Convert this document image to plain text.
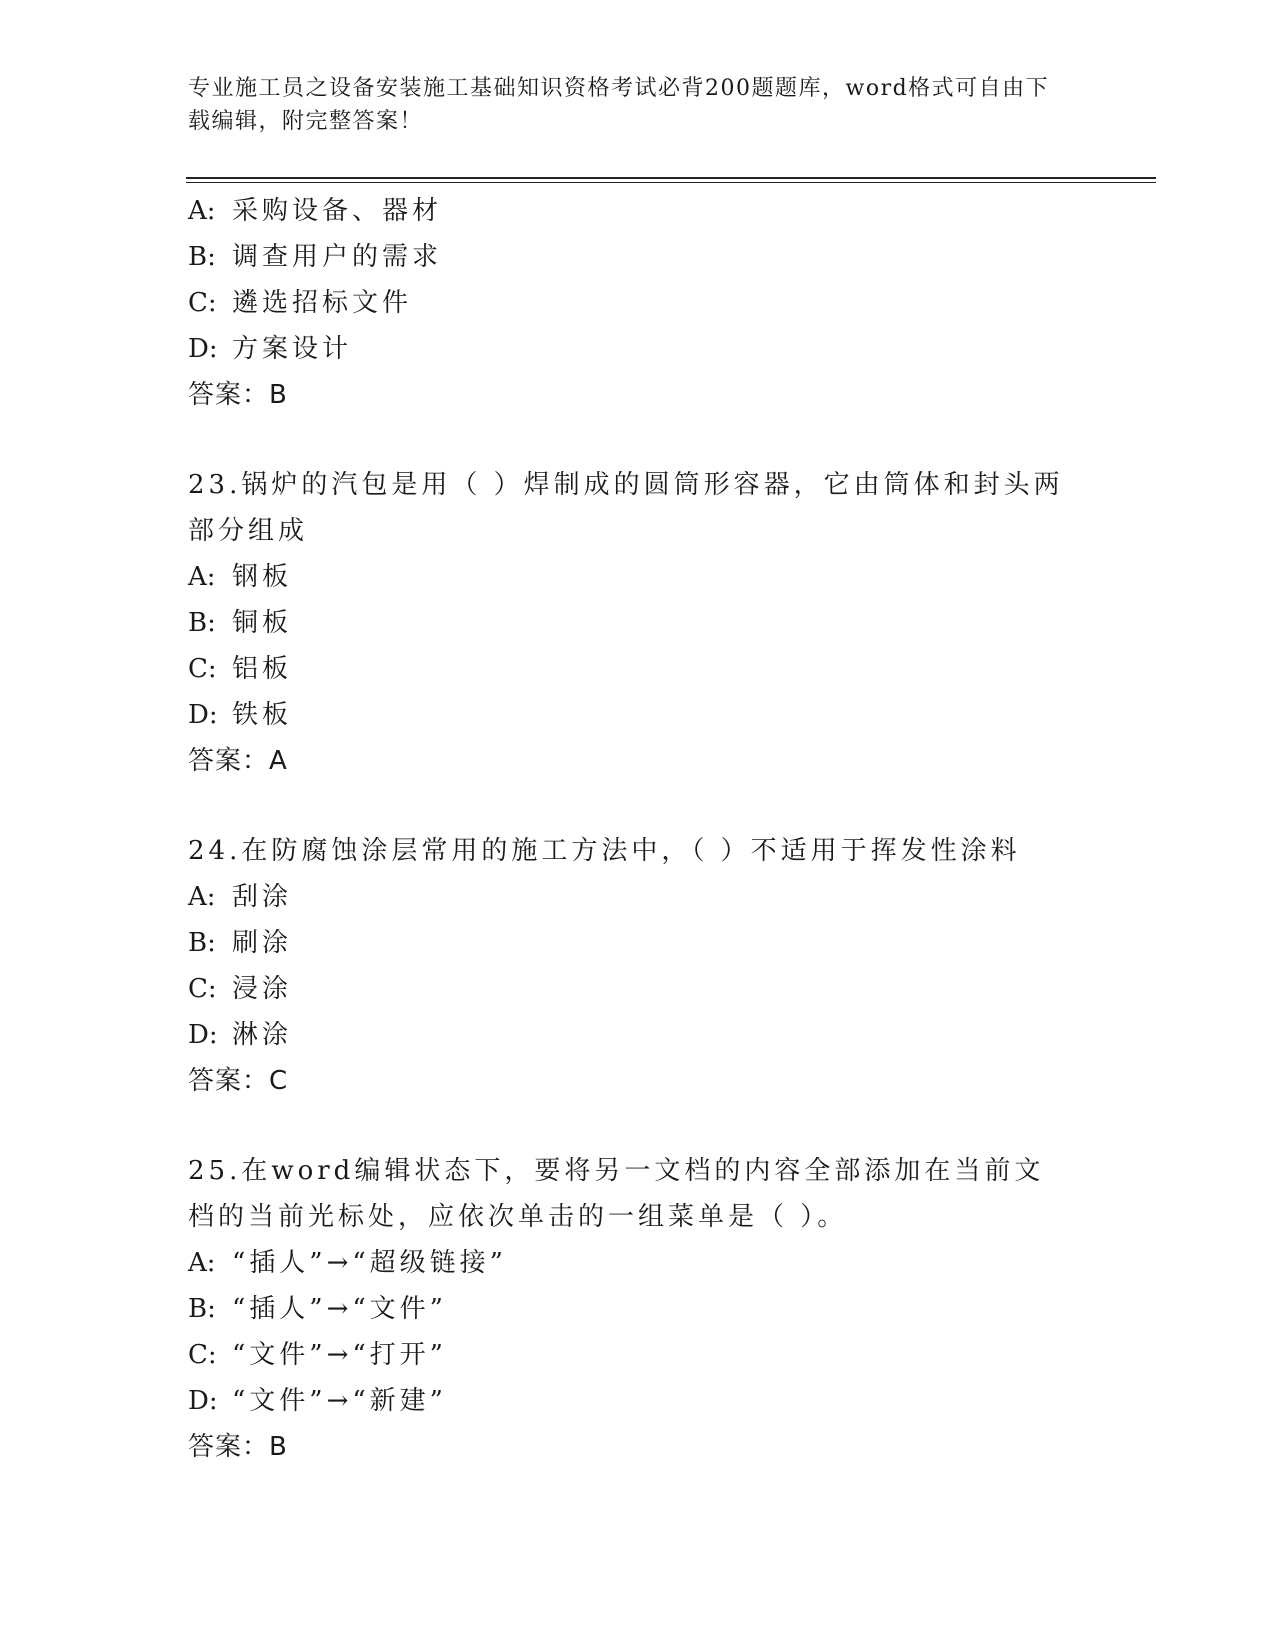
专业施工员之设备安装施工基础知识资格考试必背200题题库，word格式可自由下载编辑，附完整答案！
A: 采购设备、器材
B: 调查用户的需求
C: 遴选招标文件
D: 方案设计
答案：B
23.锅炉的汽包是用（ ）焊制成的圆筒形容器，它由筒体和封头两部分组成
A: 钢板
B: 铜板
C: 铝板
D: 铁板
答案：A
24.在防腐蚀涂层常用的施工方法中，（ ）不适用于挥发性涂料
A: 刮涂
B: 刷涂
C: 浸涂
D: 淋涂
答案：C
25.在word编辑状态下，要将另一文档的内容全部添加在当前文档的当前光标处，应依次单击的一组菜单是（ ）。
A: “插人”→“超级链接”
B: “插人”→“文件”
C: “文件”→“打开”
D: “文件”→“新建”
答案：B
